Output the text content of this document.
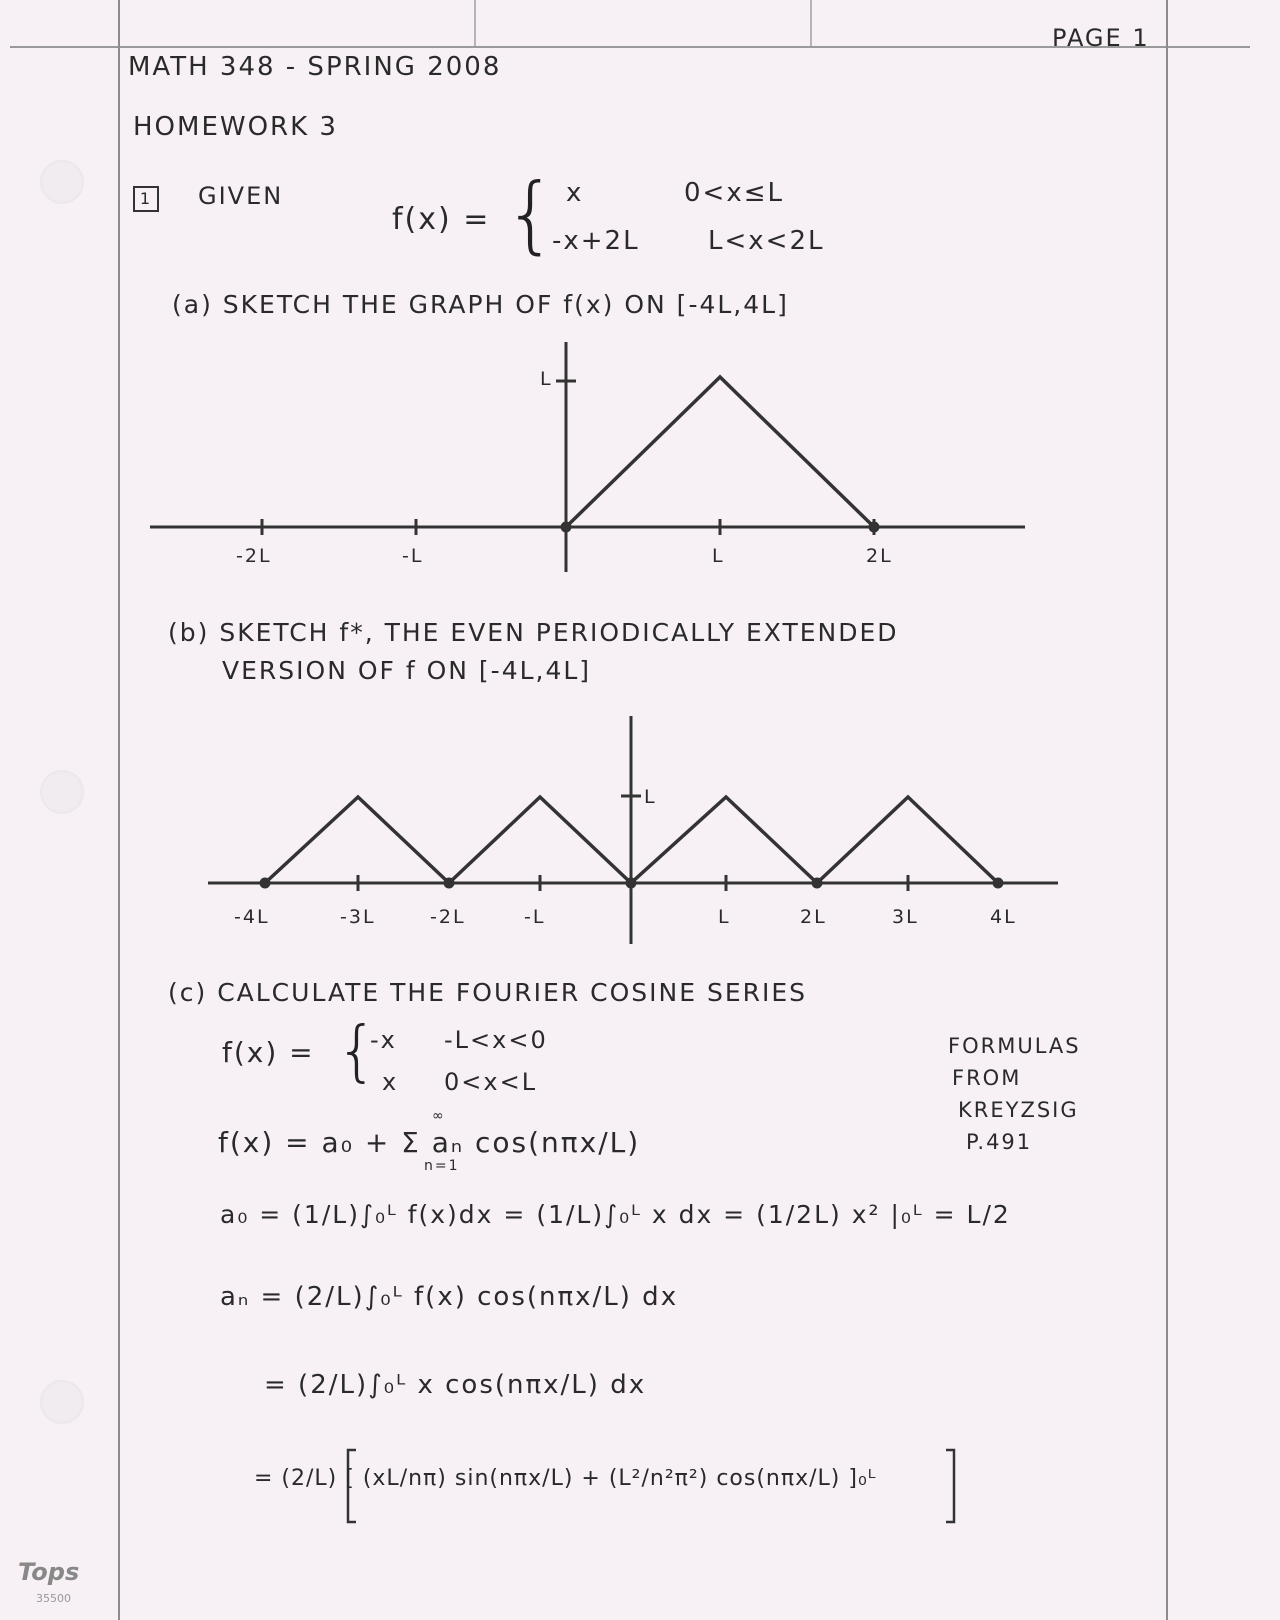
PAGE 1
MATH 348 - SPRING 2008
HOMEWORK 3
1 GIVEN
f(x) = { x	0<x≤L
-x+2L	L<x<2L
(a) SKETCH THE GRAPH OF f(x) ON [-4L,4L]
L
-2L	-L	L	2L
(b) SKETCH f*, THE EVEN PERIODICALLY EXTENDED
VERSION OF f ON [-4L,4L]
L
-4L	-3L	-2L	-L	L	2L	3L	4L
(c) CALCULATE THE FOURIER COSINE SERIES
f(x) = {
-x -L<x<0
x 0<x<L
FORMULAS
FROM
KREYZSIG
P.491
∞
n=1
f(x) = a₀ + Σ aₙ cos(nπx/L)
a₀ = (1/L)∫₀ᴸ f(x)dx = (1/L)∫₀ᴸ x dx = (1/2L) x² |₀ᴸ = L/2
aₙ = (2/L)∫₀ᴸ f(x) cos(nπx/L) dx
= (2/L)∫₀ᴸ x cos(nπx/L) dx
= (2/L) [ (xL/nπ) sin(nπx/L) + (L²/n²π²) cos(nπx/L) ]₀ᴸ
Tops
35500
